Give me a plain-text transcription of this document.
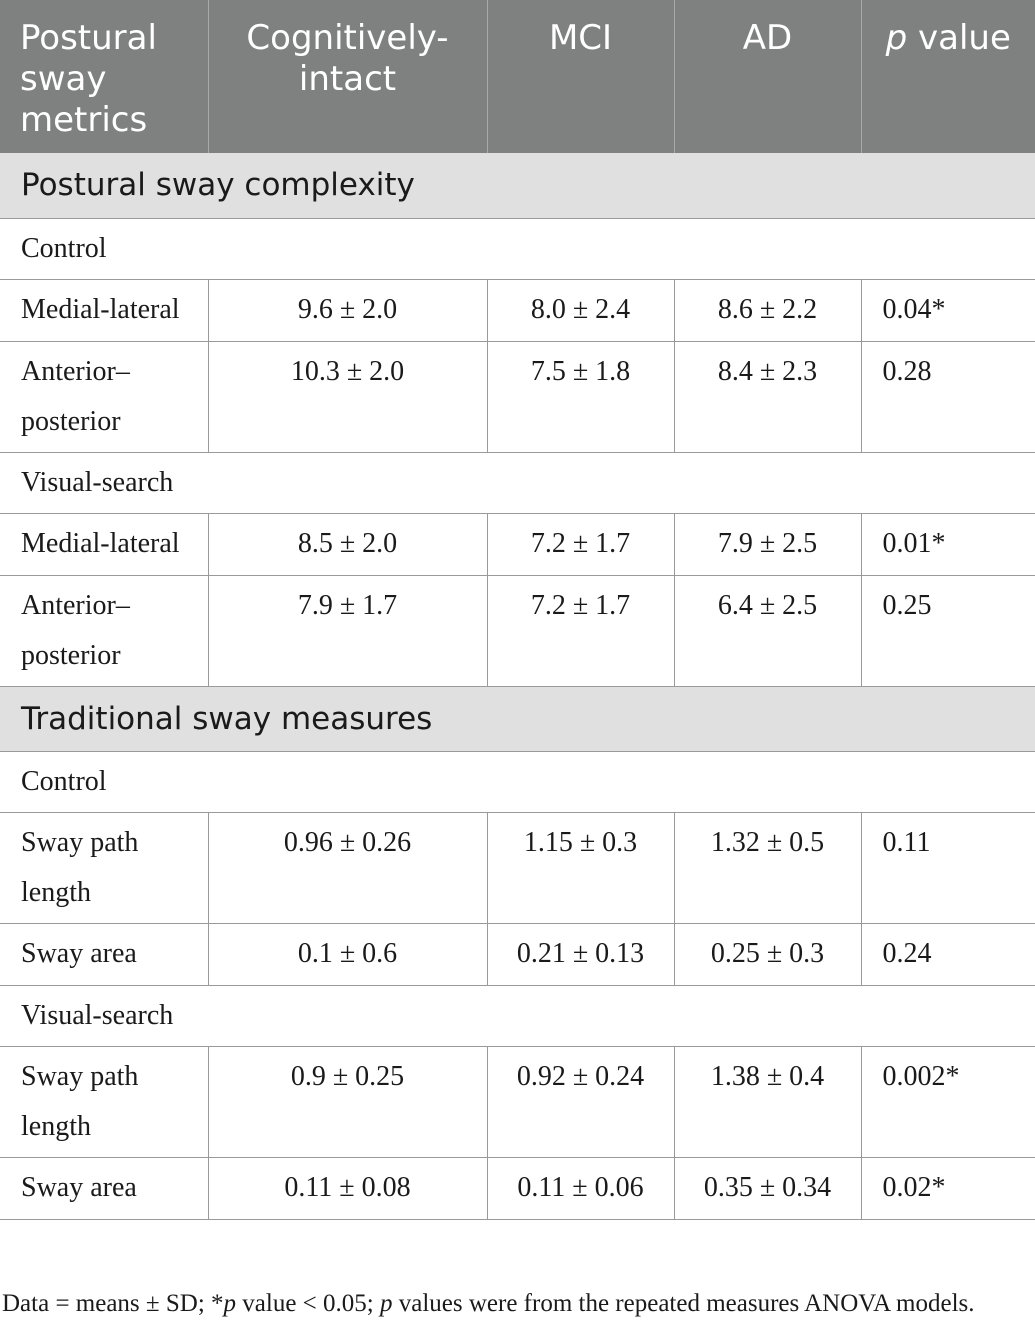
Postural sway metrics	Cognitively-intact	MCI	AD	p value
Postural sway complexity				
Control				
Medial-lateral	9.6 ± 2.0	8.0 ± 2.4	8.6 ± 2.2	0.04*
Anterior–posterior	10.3 ± 2.0	7.5 ± 1.8	8.4 ± 2.3	0.28
Visual-search				
Medial-lateral	8.5 ± 2.0	7.2 ± 1.7	7.9 ± 2.5	0.01*
Anterior–posterior	7.9 ± 1.7	7.2 ± 1.7	6.4 ± 2.5	0.25
Traditional sway measures				
Control				
Sway path length	0.96 ± 0.26	1.15 ± 0.3	1.32 ± 0.5	0.11
Sway area	0.1 ± 0.6	0.21 ± 0.13	0.25 ± 0.3	0.24
Visual-search				
Sway path length	0.9 ± 0.25	0.92 ± 0.24	1.38 ± 0.4	0.002*
Sway area	0.11 ± 0.08	0.11 ± 0.06	0.35 ± 0.34	0.02*
Data = means ± SD; *p value < 0.05; p values were from the repeated measures ANOVA models.
